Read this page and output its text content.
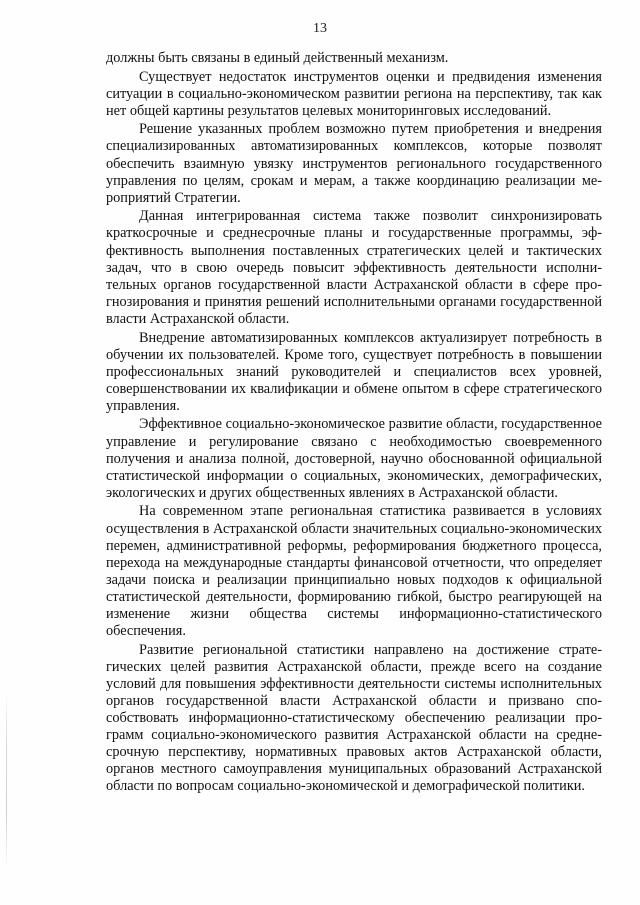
13

должны быть связаны в единый действенный механизм.

Существует недостаток инструментов оценки и предвидения изменения ситуации в социально-экономическом развитии региона на перспективу, так как нет общей картины результатов целевых мониторинговых исследований.

Решение указанных проблем возможно путем приобретения и внедрения специализированных автоматизированных комплексов, которые позволят обеспечить взаимную увязку инструментов регионального государственного управления по целям, срокам и мерам, а также координацию реализации мероприятий Стратегии.

Данная интегрированная система также позволит синхронизировать краткосрочные и среднесрочные планы и государственные программы, эффективность выполнения поставленных стратегических целей и тактических задач, что в свою очередь повысит эффективность деятельности исполнительных органов государственной власти Астраханской области в сфере прогнозирования и принятия решений исполнительными органами государственной власти Астраханской области.

Внедрение автоматизированных комплексов актуализирует потребность в обучении их пользователей. Кроме того, существует потребность в повышении профессиональных знаний руководителей и специалистов всех уровней, совершенствовании их квалификации и обмене опытом в сфере стратегического управления.

Эффективное социально-экономическое развитие области, государственное управление и регулирование связано с необходимостью своевременного получения и анализа полной, достоверной, научно обоснованной официальной статистической информации о социальных, экономических, демографических, экологических и других общественных явлениях в Астраханской области.

На современном этапе региональная статистика развивается в условиях осуществления в Астраханской области значительных социально-экономических перемен, административной реформы, реформирования бюджетного процесса, перехода на международные стандарты финансовой отчетности, что определяет задачи поиска и реализации принципиально новых подходов к официальной статистической деятельности, формированию гибкой, быстро реагирующей на изменение жизни общества системы информационно-статистического обеспечения.

Развитие региональной статистики направлено на достижение стратегических целей развития Астраханской области, прежде всего на создание условий для повышения эффективности деятельности системы исполнительных органов государственной власти Астраханской области и призвано способствовать информационно-статистическому обеспечению реализации программ социально-экономического развития Астраханской области на среднесрочную перспективу, нормативных правовых актов Астраханской области, органов местного самоуправления муниципальных образований Астраханской области по вопросам социально-экономической и демографической политики.
